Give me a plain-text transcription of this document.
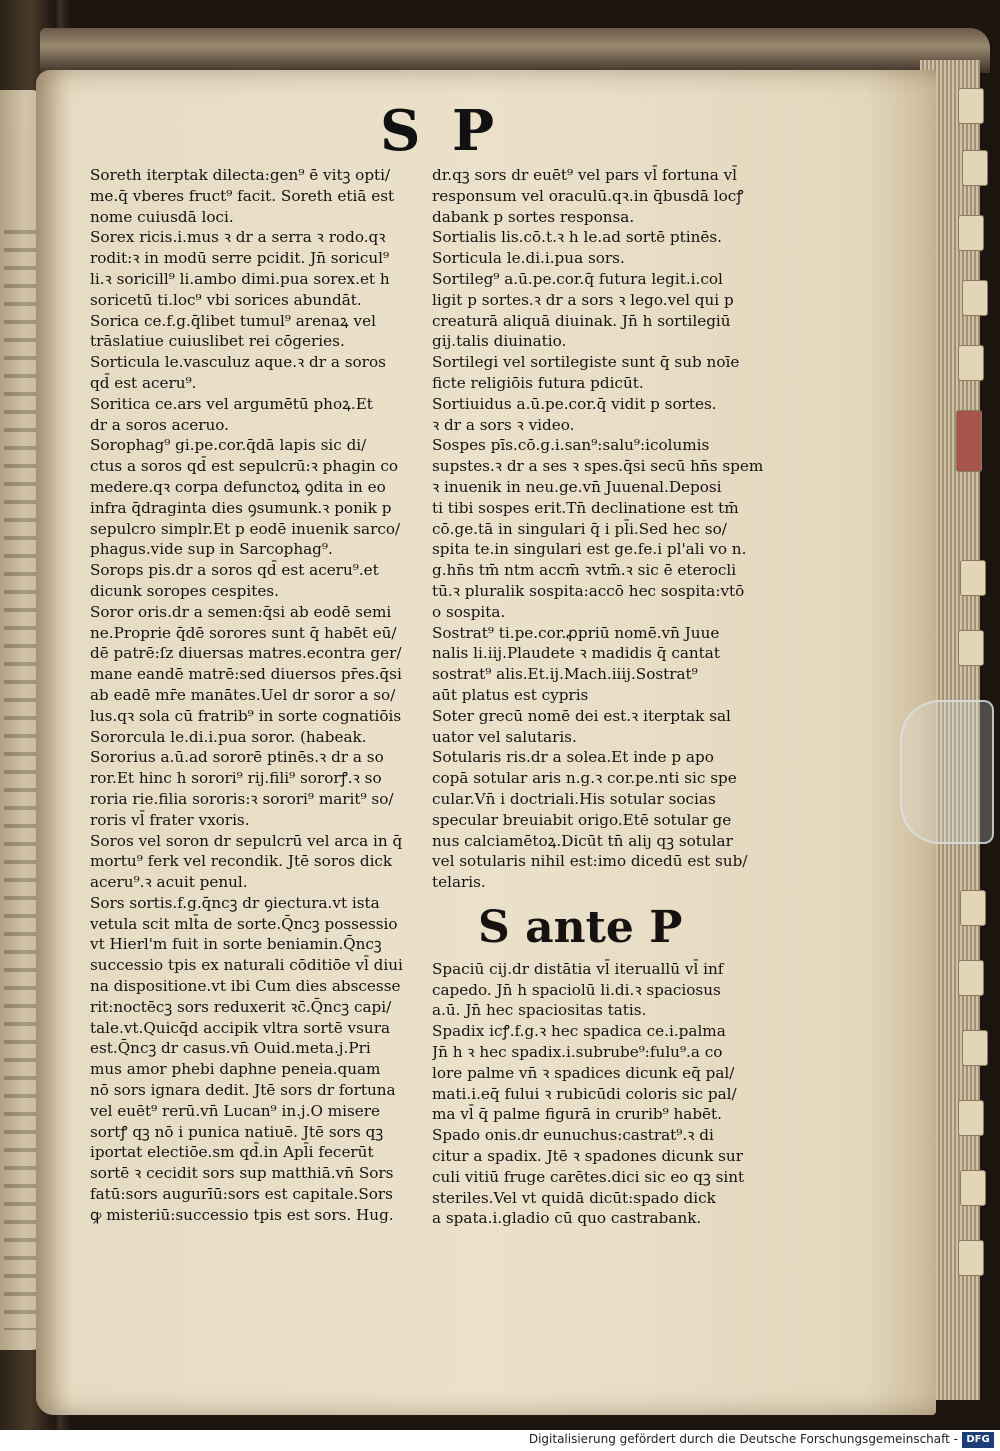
S P
Soreth iterptak dilecta:gen⁹ ē vitꝫ opti/
me.q̄ vberes fruct⁹ facit. Soreth etiā est
nome cuiusdā loci.
Sorex ricis.i.mus ꝛ dr a serra ꝛ rodo.qꝛ
rodit:ꝛ in modū serre pcidit. Jn̄ soricul⁹
li.ꝛ soricill⁹ li.ambo dimi.pua sorex.et h
soricetū ti.loc⁹ vbi sorices abundāt.
Sorica ce.f.g.q̄libet tumul⁹ arenaꝝ vel
trāslatiue cuiuslibet rei cōgeries.
Sorticula le.vasculuz aque.ꝛ dr a soros
qd̄ est aceru⁹.
Soritica ce.ars vel argumētū phoꝝ.Et
dr a soros aceruo.
Sorophag⁹ gi.pe.cor.q̄dā lapis sic di/
ctus a soros qd̄ est sepulcrū:ꝛ phagin co
medere.qꝛ corpa defunctoꝝ ꝯdita in eo
infra q̄draginta dies ꝯsumunk.ꝛ ponik p
sepulcro simplr.Et p eodē inuenik sarco/
phagus.vide sup in Sarcophag⁹.
Sorops pis.dr a soros qd̄ est aceru⁹.et
dicunk soropes cespites.
Soror oris.dr a semen:q̄si ab eodē semi
ne.Proprie q̄dē sorores sunt q̄ habēt eū/
dē patrē:ſz diuersas matres.econtra ger/
mane eandē matrē:sed diuersos pr̄es.q̄si
ab eadē mr̄e manātes.Uel dr soror a so/
lus.qꝛ sola cū fratrib⁹ in sorte cognatiōis
Sororcula le.di.i.pua soror. (habeak.
Sororius a.ū.ad sororē ptinēs.ꝛ dr a so
ror.Et hinc h sorori⁹ rij.fili⁹ sororꝭ.ꝛ so
roria rie.filia sororis:ꝛ sorori⁹ marit⁹ so/
roris vl̄ frater vxoris.
Soros vel soron dr sepulcrū vel arca in q̄
mortu⁹ ferk vel recondik. Jtē soros dick
aceru⁹.ꝛ acuit penul.
Sors sortis.f.g.q̄ncꝫ dr ꝯiectura.vt ista
vetula scit mlt̄a de sorte.Q̄ncꝫ possessio
vt Hierl'm fuit in sorte beniamin.Q̄ncꝫ
successio tpis ex naturali cōditiōe vl̄ diui
na dispositione.vt ibi Cum dies abscesse
rit:noctēcꝫ sors reduxerit ꝛc̄.Q̄ncꝫ capi/
tale.vt.Quicq̄d accipik vltra sortē vsura
est.Q̄ncꝫ dr casus.vn̄ Ouid.meta.j.Pri
mus amor phebi daphne peneia.quam
nō sors ignara dedit. Jtē sors dr fortuna
vel euēt⁹ rerū.vn̄ Lucan⁹ in.j.O misere
sortꝭ qꝫ nō i punica natiuē. Jtē sors qꝫ
iportat electiōe.sm qd̄.in Apl̄i fecerūt
sortē ꝛ cecidit sors sup matthiā.vn̄ Sors
fatū:sors augurīū:sors est capitale.Sors
ꝙ misteriū:successio tpis est sors. Hug.
dr.qꝫ sors dr euēt⁹ vel pars vl̄ fortuna vl̄
responsum vel oraculū.qꝛ.in q̄busdā locꝭ
dabank p sortes responsa.
Sortialis lis.cō.t.ꝛ h le.ad sortē ptinēs.
Sorticula le.di.i.pua sors.
Sortileg⁹ a.ū.pe.cor.q̄ futura legit.i.col
ligit p sortes.ꝛ dr a sors ꝛ lego.vel qui p
creaturā aliquā diuinak. Jn̄ h sortilegiū
gij.talis diuinatio.
Sortilegi vel sortilegiste sunt q̄ sub noīe
ficte religiōis futura pdicūt.
Sortiuidus a.ū.pe.cor.q̄ vidit p sortes.
ꝛ dr a sors ꝛ video.
Sospes pīs.cō.g.i.san⁹:salu⁹:icolumis
supstes.ꝛ dr a ses ꝛ spes.q̄si secū hn̄s spem
ꝛ inuenik in neu.ge.vn̄ Juuenal.Deposi
ti tibi sospes erit.Tn̄ declinatione est tm̄
cō.ge.tā in singulari q̄ i pl̄i.Sed hec so/
spita te.in singulari est ge.fe.i pl'ali vo n.
g.hn̄s tm̄ ntm accm̄ ꝛvtm̄.ꝛ sic ē eterocli
tū.ꝛ pluralik sospita:accō hec sospita:vtō
o sospita.
Sostrat⁹ ti.pe.cor.ꝓpriū nomē.vn̄ Juue
nalis li.iij.Plaudete ꝛ madidis q̄ cantat
sostrat⁹ alis.Et.ij.Mach.iiij.Sostrat⁹
aūt platus est cypris
Soter grecū nomē dei est.ꝛ iterptak sal
uator vel salutaris.
Sotularis ris.dr a solea.Et inde p apo
copā sotular aris n.g.ꝛ cor.pe.nti sic spe
cular.Vn̄ i doctriali.His sotular socias
specular breuiabit origo.Etē sotular ge
nus calciamētoꝝ.Dicūt tn̄ aliȷ qꝫ sotular
vel sotularis nihil est:imo dicedū est sub/
telaris.
S ante P
Spaciū cij.dr distātia vl̄ iteruallū vl̄ inf
capedo. Jn̄ h spaciolū li.di.ꝛ spaciosus
a.ū. Jn̄ hec spaciositas tatis.
Spadix icꝭ.f.g.ꝛ hec spadica ce.i.palma
Jn̄ h ꝛ hec spadix.i.subrube⁹:fulu⁹.a co
lore palme vn̄ ꝛ spadices dicunk eq̄ pal/
mati.i.eq̄ fului ꝛ rubicūdi coloris sic pal/
ma vl̄ q̄ palme figurā in crurib⁹ habēt.
Spado onis.dr eunuchus:castrat⁹.ꝛ di
citur a spadix. Jtē ꝛ spadones dicunk sur
culi vitiū fruge carētes.dici sic eo qꝫ sint
steriles.Vel vt quidā dicūt:spado dick
a spata.i.gladio cū quo castrabank.
Digitalisierung gefördert durch die Deutsche Forschungsgemeinschaft - DFG
